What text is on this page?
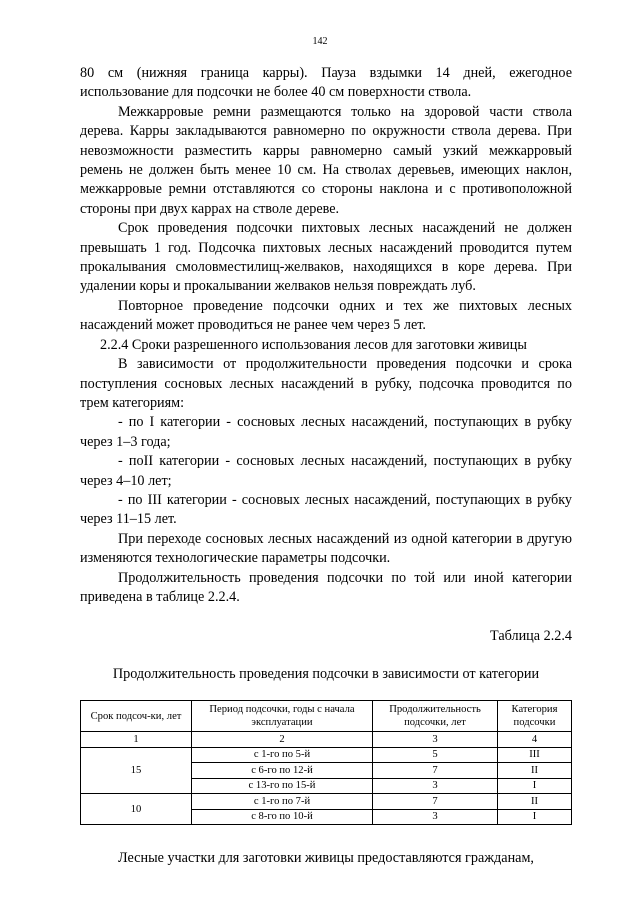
142

80 см (нижняя граница карры). Пауза вздымки 14 дней, ежегодное использование для подсочки не более 40 см поверхности ствола.

Межкарровые ремни размещаются только на здоровой части ствола дерева. Карры закладываются равномерно по окружности ствола дерева. При невозможности разместить карры равномерно самый узкий межкарровый ремень не должен быть менее 10 см. На стволах деревьев, имеющих наклон, межкарровые ремни отставляются со стороны наклона и с противоположной стороны при двух каррах на стволе дереве.

Срок проведения подсочки пихтовых лесных насаждений не должен превышать 1 год. Подсочка пихтовых лесных насаждений проводится путем прокалывания смоловместилищ-желваков, находящихся в коре дерева. При удалении коры и прокалывании желваков нельзя повреждать луб.

Повторное проведение подсочки одних и тех же пихтовых лесных насаждений может проводиться не ранее чем через 5 лет.

2.2.4 Сроки разрешенного использования лесов для заготовки живицы

В зависимости от продолжительности проведения подсочки и срока поступления сосновых лесных насаждений в рубку, подсочка проводится по трем категориям:

- по I категории - сосновых лесных насаждений, поступающих в рубку через 1–3 года;

- поII категории - сосновых лесных насаждений, поступающих в рубку через 4–10 лет;

- по III категории - сосновых лесных насаждений, поступающих в рубку через 11–15 лет.

При переходе сосновых лесных насаждений из одной категории в другую изменяются технологические параметры подсочки.

Продолжительность проведения подсочки по той или иной категории приведена в таблице 2.2.4.

Таблица 2.2.4

Продолжительность проведения подсочки в зависимости от категории

Срок подсоч-ки, лет	Период подсочки, годы с начала эксплуатации	Продолжительность подсочки, лет	Категория подсочки
1	2	3	4
15	с 1-го по 5-й	5	III
	с 6-го по 12-й	7	II
	с 13-го по 15-й	3	I
10	с 1-го по 7-й	7	II
	с 8-го по 10-й	3	I

Лесные участки для заготовки живицы предоставляются гражданам,
